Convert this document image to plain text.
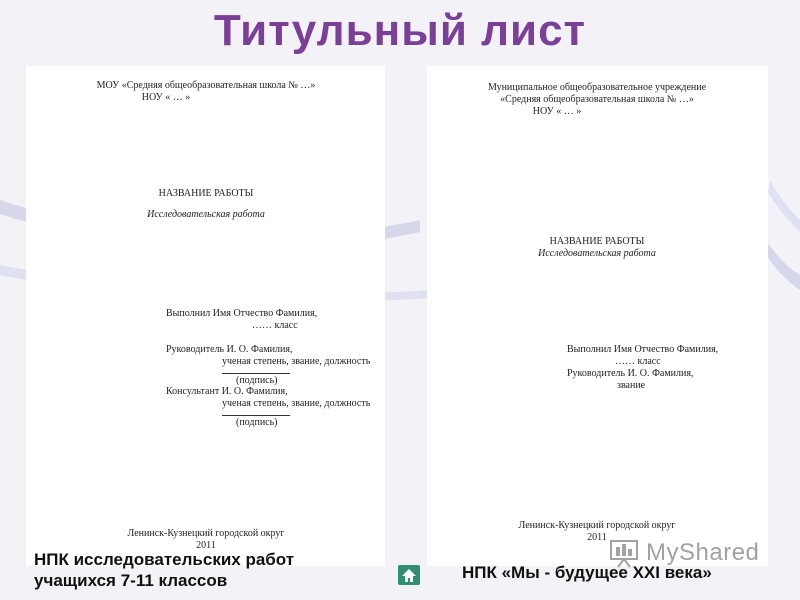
Титульный лист
МОУ «Средняя общеобразовательная школа № …»
НОУ « … »
НАЗВАНИЕ РАБОТЫ
Исследовательская работа
Выполнил Имя Отчество Фамилия,
…… класс
Руководитель И. О. Фамилия,
ученая степень, звание, должность
(подпись)
Консультант И. О. Фамилия,
ученая степень, звание, должность
(подпись)
Ленинск-Кузнецкий городской округ
2011
Муниципальное общеобразовательное учреждение
«Средняя общеобразовательная школа № …»
НОУ « … »
НАЗВАНИЕ РАБОТЫ
Исследовательская работа
Выполнил Имя Отчество Фамилия,
…… класс
Руководитель И. О. Фамилия,
звание
Ленинск-Кузнецкий городской округ
2011
MyShared
НПК исследовательских работ учащихся 7-11 классов	НПК «Мы - будущее XXI века»
